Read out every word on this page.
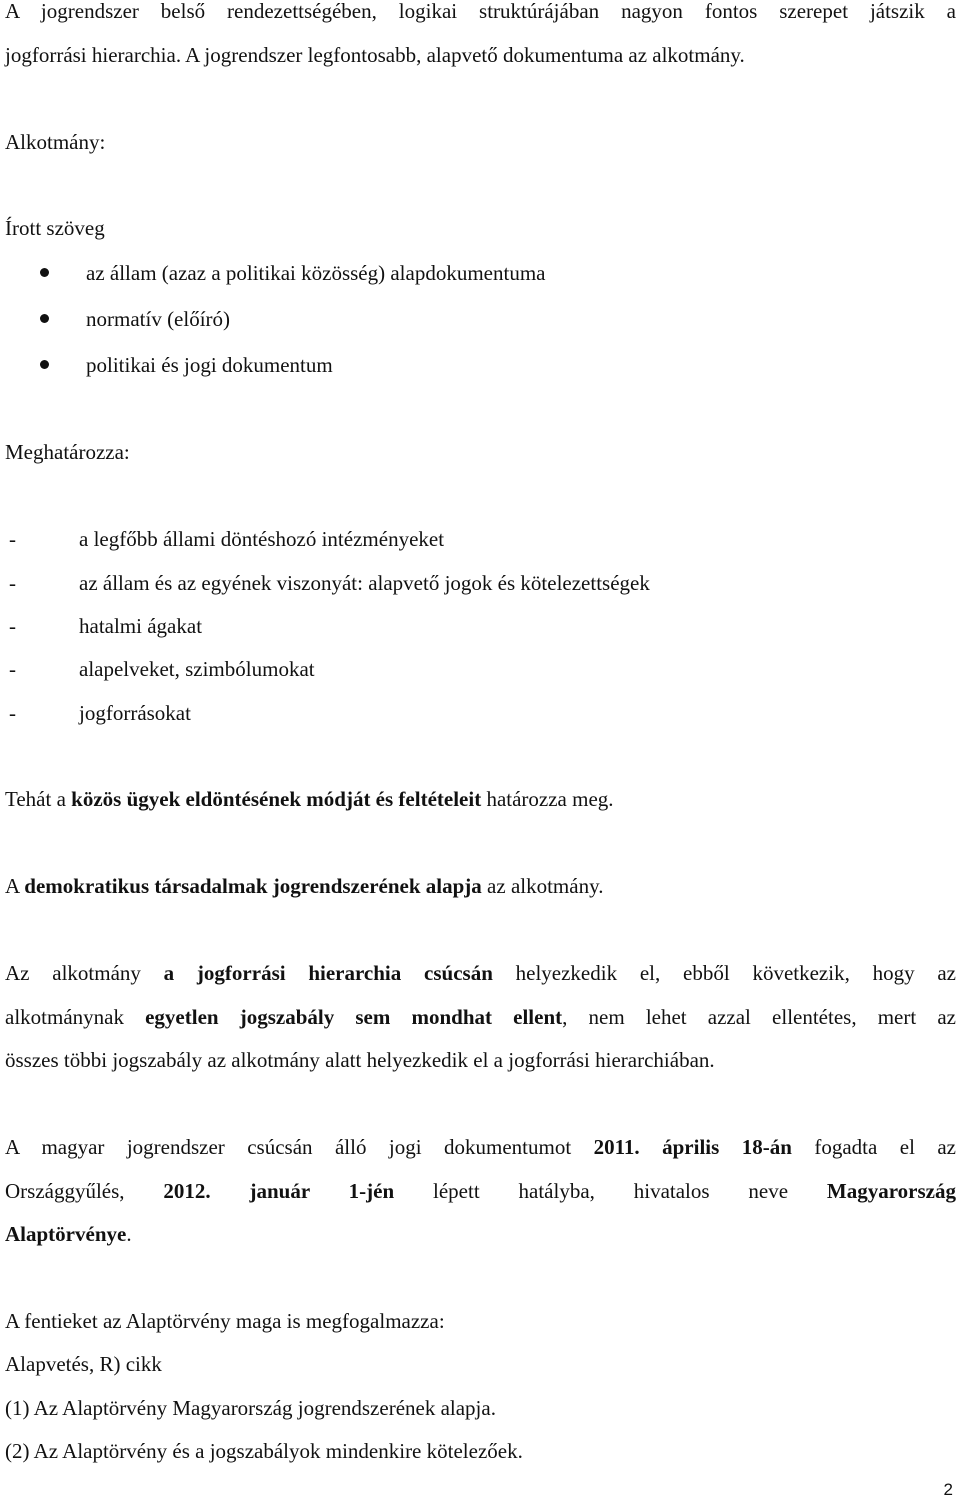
A jogrendszer belső rendezettségében, logikai struktúrájában nagyon fontos szerepet játszik a
jogforrási hierarchia. A jogrendszer legfontosabb, alapvető dokumentuma az alkotmány.
Alkotmány:
Írott szöveg
az állam (azaz a politikai közösség) alapdokumentuma
normatív (előíró)
politikai és jogi dokumentum
Meghatározza:
-	a legfőbb állami döntéshozó intézményeket
-	az állam és az egyének viszonyát: alapvető jogok és kötelezettségek
-	hatalmi ágakat
-	alapelveket, szimbólumokat
-	jogforrásokat
Tehát a közös ügyek eldöntésének módját és feltételeit határozza meg.
A demokratikus társadalmak jogrendszerének alapja az alkotmány.
Az alkotmány a jogforrási hierarchia csúcsán helyezkedik el, ebből következik, hogy az
alkotmánynak egyetlen jogszabály sem mondhat ellent, nem lehet azzal ellentétes, mert az
összes többi jogszabály az alkotmány alatt helyezkedik el a jogforrási hierarchiában.
A magyar jogrendszer csúcsán álló jogi dokumentumot 2011. április 18-án fogadta el az
Országgyűlés, 2012. január 1-jén lépett hatályba, hivatalos neve Magyarország
Alaptörvénye.
A fentieket az Alaptörvény maga is megfogalmazza:
Alapvetés, R) cikk
(1) Az Alaptörvény Magyarország jogrendszerének alapja.
(2) Az Alaptörvény és a jogszabályok mindenkire kötelezőek.
2
